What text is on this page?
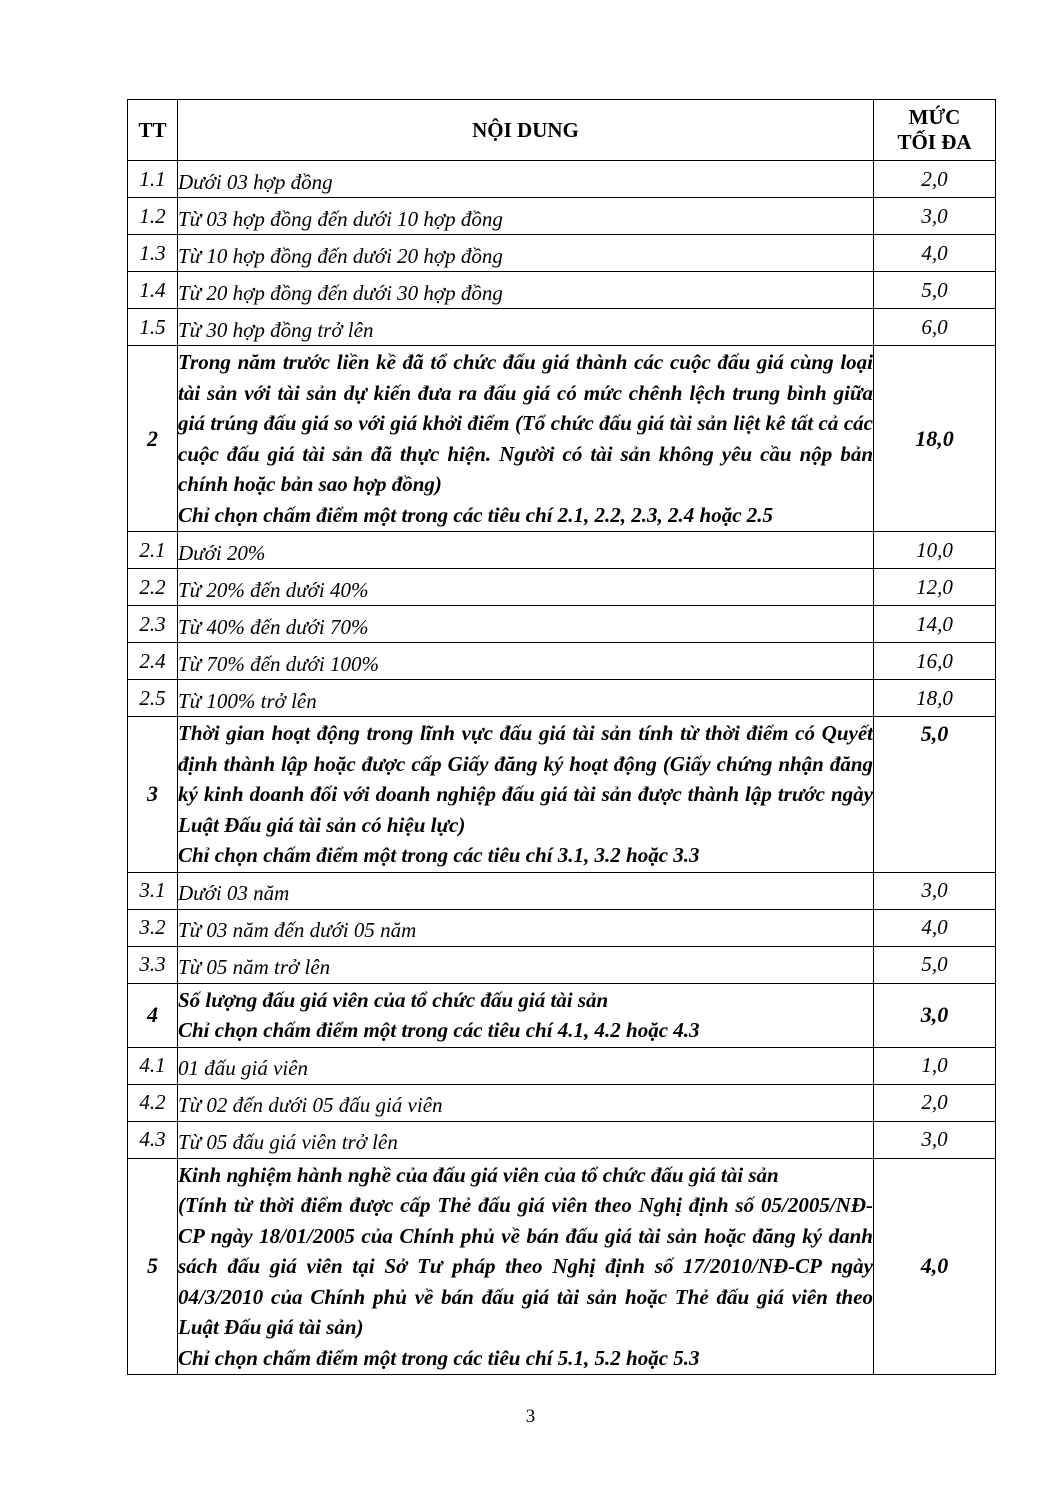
TT	NỘI DUNG	MỨC
TỐI ĐA

1.1	Dưới 03 hợp đồng	2,0
1.2	Từ 03 hợp đồng đến dưới 10 hợp đồng	3,0
1.3	Từ 10 hợp đồng đến dưới 20 hợp đồng	4,0
1.4	Từ 20 hợp đồng đến dưới 30 hợp đồng	5,0
1.5	Từ 30 hợp đồng trở lên	6,0
2	Trong năm trước liền kề đã tổ chức đấu giá thành các cuộc đấu giá cùng loại tài sản với tài sản dự kiến đưa ra đấu giá có mức chênh lệch trung bình giữa giá trúng đấu giá so với giá khởi điểm (Tổ chức đấu giá tài sản liệt kê tất cả các cuộc đấu giá tài sản đã thực hiện. Người có tài sản không yêu cầu nộp bản chính hoặc bản sao hợp đồng)
Chỉ chọn chấm điểm một trong các tiêu chí 2.1, 2.2, 2.3, 2.4 hoặc 2.5	18,0
2.1	Dưới 20%	10,0
2.2	Từ 20% đến dưới 40%	12,0
2.3	Từ 40% đến dưới 70%	14,0
2.4	Từ 70% đến dưới 100%	16,0
2.5	Từ 100% trở lên	18,0
3	Thời gian hoạt động trong lĩnh vực đấu giá tài sản tính từ thời điểm có Quyết định thành lập hoặc được cấp Giấy đăng ký hoạt động (Giấy chứng nhận đăng ký kinh doanh đối với doanh nghiệp đấu giá tài sản được thành lập trước ngày Luật Đấu giá tài sản có hiệu lực)
Chỉ chọn chấm điểm một trong các tiêu chí 3.1, 3.2 hoặc 3.3	5,0
3.1	Dưới 03 năm	3,0
3.2	Từ 03 năm đến dưới 05 năm	4,0
3.3	Từ 05 năm trở lên	5,0
4	Số lượng đấu giá viên của tổ chức đấu giá tài sản
Chỉ chọn chấm điểm một trong các tiêu chí 4.1, 4.2 hoặc 4.3	3,0
4.1	01 đấu giá viên	1,0
4.2	Từ 02 đến dưới 05 đấu giá viên	2,0
4.3	Từ 05 đấu giá viên trở lên	3,0
5	Kinh nghiệm hành nghề của đấu giá viên của tổ chức đấu giá tài sản
(Tính từ thời điểm được cấp Thẻ đấu giá viên theo Nghị định số 05/2005/NĐ-CP ngày 18/01/2005 của Chính phủ về bán đấu giá tài sản hoặc đăng ký danh sách đấu giá viên tại Sở Tư pháp theo Nghị định số 17/2010/NĐ-CP ngày 04/3/2010 của Chính phủ về bán đấu giá tài sản hoặc Thẻ đấu giá viên theo Luật Đấu giá tài sản)
Chỉ chọn chấm điểm một trong các tiêu chí 5.1, 5.2 hoặc 5.3	4,0
3
